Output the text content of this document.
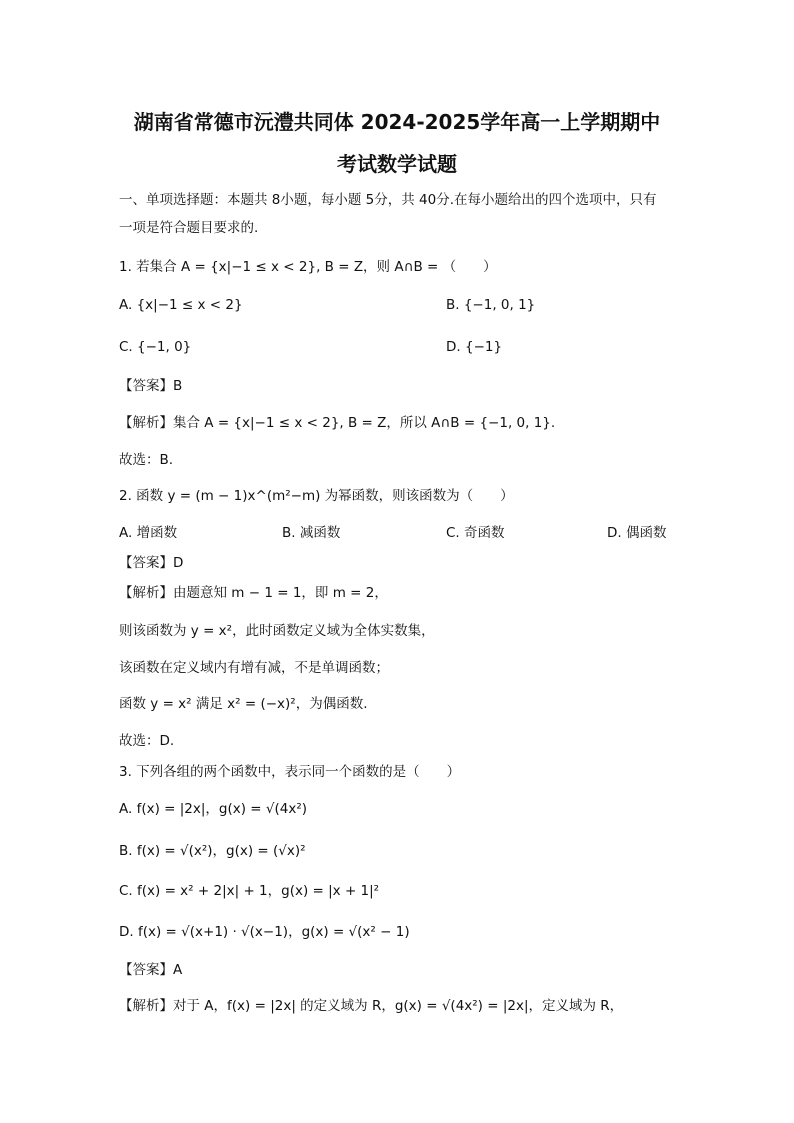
湖南省常德市沅澧共同体 2024-2025学年高一上学期期中
考试数学试题
一、单项选择题：本题共 8小题，每小题 5分，共 40分.在每小题给出的四个选项中，只有
一项是符合题目要求的.
1. 若集合 A = {x|−1 ≤ x < 2}, B = Z，则 A∩B = （　　）
A. {x|−1 ≤ x < 2}	B. {−1, 0, 1}
C. {−1, 0}	D. {−1}
【答案】B
【解析】集合 A = {x|−1 ≤ x < 2}, B = Z，所以 A∩B = {−1, 0, 1}.
故选：B.
2. 函数 y = (m − 1)x^(m²−m) 为幂函数，则该函数为（　　）
A. 增函数	B. 减函数	C. 奇函数	D. 偶函数
【答案】D
【解析】由题意知 m − 1 = 1，即 m = 2，
则该函数为 y = x²，此时函数定义域为全体实数集，
该函数在定义域内有增有减，不是单调函数；
函数 y = x² 满足 x² = (−x)²，为偶函数.
故选：D.
3. 下列各组的两个函数中，表示同一个函数的是（　　）
A. f(x) = |2x|，g(x) = √(4x²)
B. f(x) = √(x²)，g(x) = (√x)²
C. f(x) = x² + 2|x| + 1，g(x) = |x + 1|²
D. f(x) = √(x+1) · √(x−1)，g(x) = √(x² − 1)
【答案】A
【解析】对于 A，f(x) = |2x| 的定义域为 R，g(x) = √(4x²) = |2x|，定义域为 R，
